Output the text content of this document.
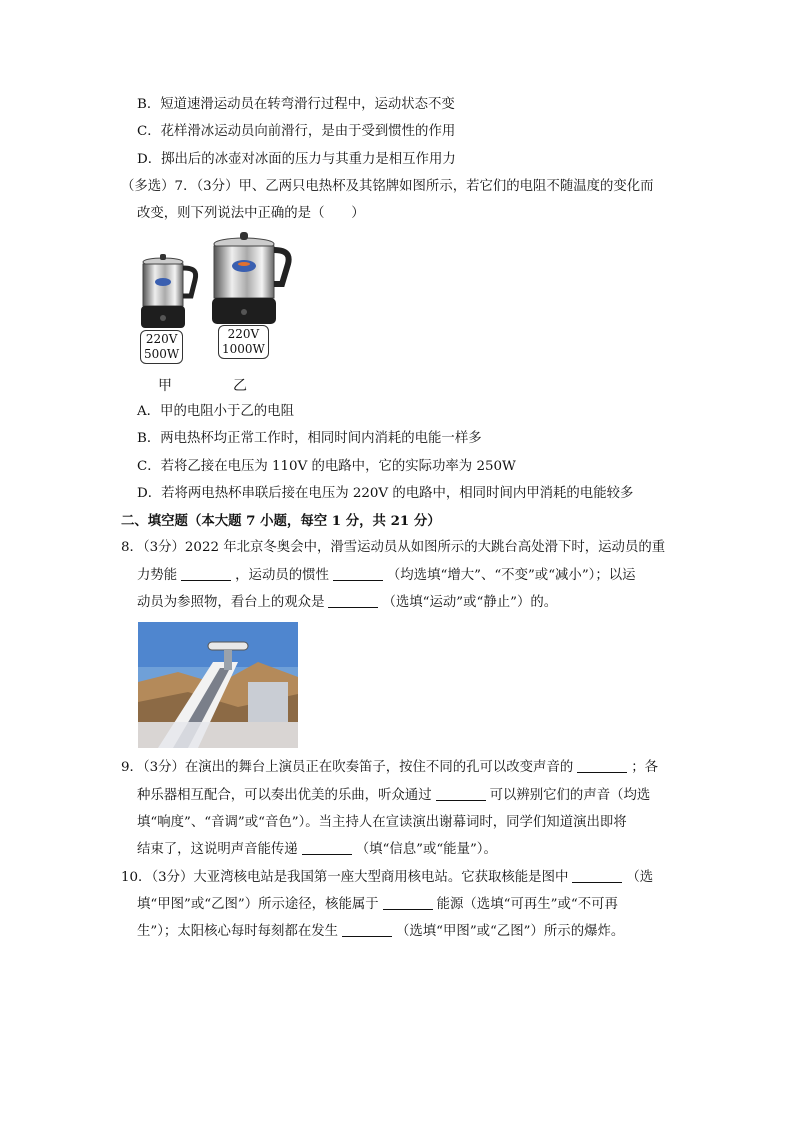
B．短道速滑运动员在转弯滑行过程中，运动状态不变
C．花样滑冰运动员向前滑行，是由于受到惯性的作用
D．掷出后的冰壶对冰面的压力与其重力是相互作用力
（多选）7．（3分）甲、乙两只电热杯及其铭牌如图所示，若它们的电阻不随温度的变化而
改变，则下列说法中正确的是（　　）
220V
500W
220V
1000W
甲	乙
A．甲的电阻小于乙的电阻
B．两电热杯均正常工作时，相同时间内消耗的电能一样多
C．若将乙接在电压为 110V 的电路中，它的实际功率为 250W
D．若将两电热杯串联后接在电压为 220V 的电路中，相同时间内甲消耗的电能较多
二、填空题（本大题 7 小题，每空 1 分，共 21 分）
8．（3分）2022 年北京冬奥会中，滑雪运动员从如图所示的大跳台高处滑下时，运动员的重
力势能	，运动员的惯性	（均选填“增大”、“不变”或“减小”）；以运
动员为参照物，看台上的观众是	（选填“运动”或“静止”）的。
9．（3分）在演出的舞台上演员正在吹奏笛子，按住不同的孔可以改变声音的	；各
种乐器相互配合，可以奏出优美的乐曲，听众通过	可以辨别它们的声音（均选
填“响度”、“音调”或“音色”）。当主持人在宣读演出谢幕词时，同学们知道演出即将
结束了，这说明声音能传递	（填“信息”或“能量”）。
10．（3分）大亚湾核电站是我国第一座大型商用核电站。它获取核能是图中	（选
填“甲图”或“乙图”）所示途径，核能属于	能源（选填“可再生”或“不可再
生”）；太阳核心每时每刻都在发生	（选填“甲图”或“乙图”）所示的爆炸。
